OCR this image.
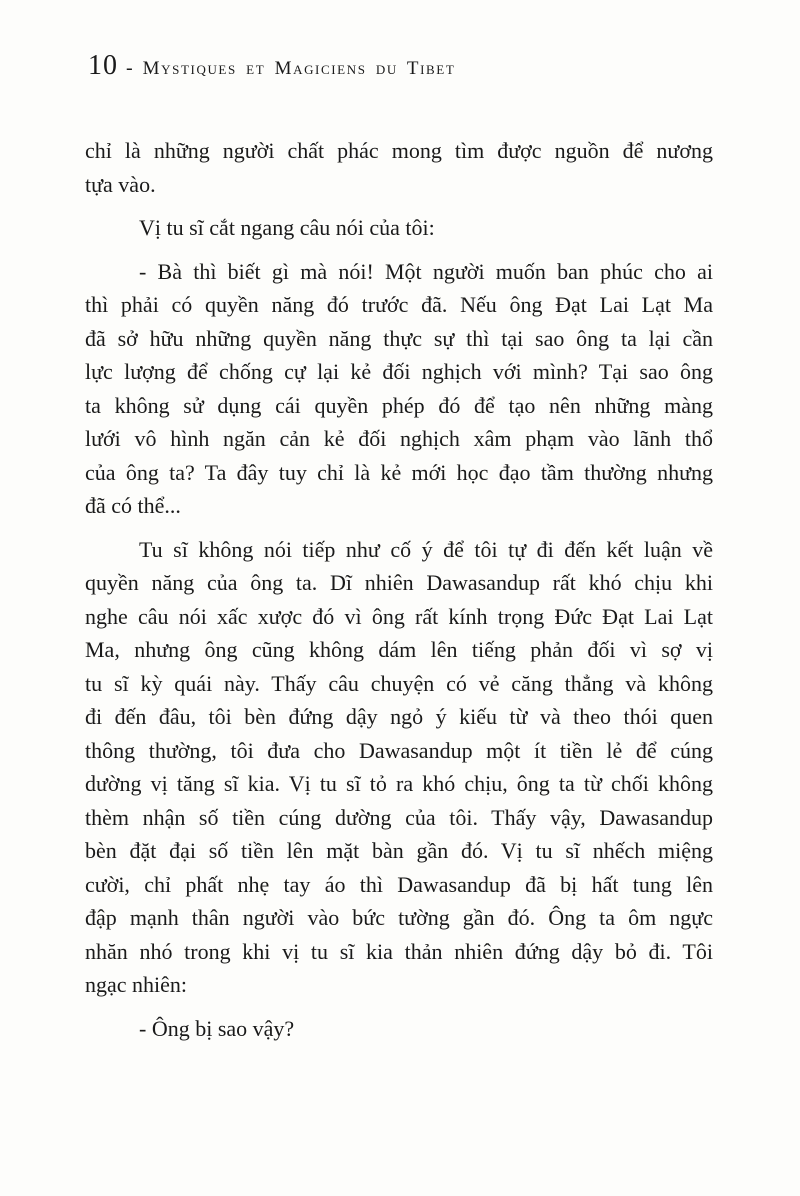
10 - Mystiques et Magiciens du Tibet
chỉ là những người chất phác mong tìm được nguồn để nương
tựa vào.
Vị tu sĩ cắt ngang câu nói của tôi:
- Bà thì biết gì mà nói! Một người muốn ban phúc cho ai
thì phải có quyền năng đó trước đã. Nếu ông Đạt Lai Lạt Ma
đã sở hữu những quyền năng thực sự thì tại sao ông ta lại cần
lực lượng để chống cự lại kẻ đối nghịch với mình? Tại sao ông
ta không sử dụng cái quyền phép đó để tạo nên những màng
lưới vô hình ngăn cản kẻ đối nghịch xâm phạm vào lãnh thổ
của ông ta? Ta đây tuy chỉ là kẻ mới học đạo tầm thường nhưng
đã có thể...
Tu sĩ không nói tiếp như cố ý để tôi tự đi đến kết luận về
quyền năng của ông ta. Dĩ nhiên Dawasandup rất khó chịu khi
nghe câu nói xấc xược đó vì ông rất kính trọng Đức Đạt Lai Lạt
Ma, nhưng ông cũng không dám lên tiếng phản đối vì sợ vị
tu sĩ kỳ quái này. Thấy câu chuyện có vẻ căng thẳng và không
đi đến đâu, tôi bèn đứng dậy ngỏ ý kiếu từ và theo thói quen
thông thường, tôi đưa cho Dawasandup một ít tiền lẻ để cúng
dường vị tăng sĩ kia. Vị tu sĩ tỏ ra khó chịu, ông ta từ chối không
thèm nhận số tiền cúng dường của tôi. Thấy vậy, Dawasandup
bèn đặt đại số tiền lên mặt bàn gần đó. Vị tu sĩ nhếch miệng
cười, chỉ phất nhẹ tay áo thì Dawasandup đã bị hất tung lên
đập mạnh thân người vào bức tường gần đó. Ông ta ôm ngực
nhăn nhó trong khi vị tu sĩ kia thản nhiên đứng dậy bỏ đi. Tôi
ngạc nhiên:
- Ông bị sao vậy?
